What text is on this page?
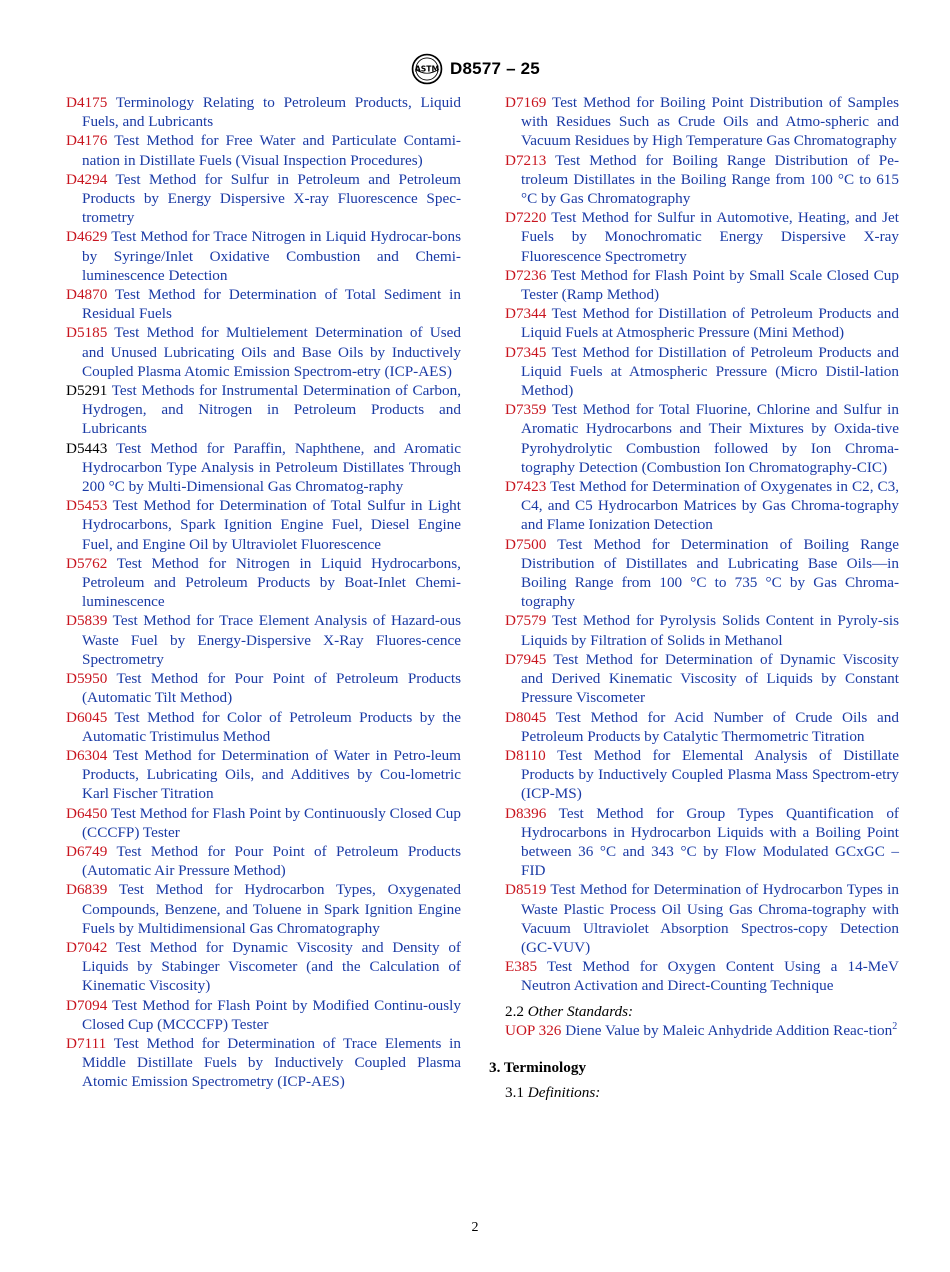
ASTM D8577 – 25

D4175 Terminology Relating to Petroleum Products, Liquid Fuels, and Lubricants

D4176 Test Method for Free Water and Particulate Contami-nation in Distillate Fuels (Visual Inspection Procedures)

D4294 Test Method for Sulfur in Petroleum and Petroleum Products by Energy Dispersive X-ray Fluorescence Spec-trometry

D4629 Test Method for Trace Nitrogen in Liquid Hydrocar-bons by Syringe/Inlet Oxidative Combustion and Chemi-luminescence Detection

D4870 Test Method for Determination of Total Sediment in Residual Fuels

D5185 Test Method for Multielement Determination of Used and Unused Lubricating Oils and Base Oils by Inductively Coupled Plasma Atomic Emission Spectrom-etry (ICP-AES)

D5291 Test Methods for Instrumental Determination of Carbon, Hydrogen, and Nitrogen in Petroleum Products and Lubricants

D5443 Test Method for Paraffin, Naphthene, and Aromatic Hydrocarbon Type Analysis in Petroleum Distillates Through 200 °C by Multi-Dimensional Gas Chromatog-raphy

D5453 Test Method for Determination of Total Sulfur in Light Hydrocarbons, Spark Ignition Engine Fuel, Diesel Engine Fuel, and Engine Oil by Ultraviolet Fluorescence

D5762 Test Method for Nitrogen in Liquid Hydrocarbons, Petroleum and Petroleum Products by Boat-Inlet Chemi-luminescence

D5839 Test Method for Trace Element Analysis of Hazard-ous Waste Fuel by Energy-Dispersive X-Ray Fluores-cence Spectrometry

D5950 Test Method for Pour Point of Petroleum Products (Automatic Tilt Method)

D6045 Test Method for Color of Petroleum Products by the Automatic Tristimulus Method

D6304 Test Method for Determination of Water in Petro-leum Products, Lubricating Oils, and Additives by Cou-lometric Karl Fischer Titration

D6450 Test Method for Flash Point by Continuously Closed Cup (CCCFP) Tester

D6749 Test Method for Pour Point of Petroleum Products (Automatic Air Pressure Method)

D6839 Test Method for Hydrocarbon Types, Oxygenated Compounds, Benzene, and Toluene in Spark Ignition Engine Fuels by Multidimensional Gas Chromatography

D7042 Test Method for Dynamic Viscosity and Density of Liquids by Stabinger Viscometer (and the Calculation of Kinematic Viscosity)

D7094 Test Method for Flash Point by Modified Continu-ously Closed Cup (MCCCFP) Tester

D7111 Test Method for Determination of Trace Elements in Middle Distillate Fuels by Inductively Coupled Plasma Atomic Emission Spectrometry (ICP-AES)

D7169 Test Method for Boiling Point Distribution of Samples with Residues Such as Crude Oils and Atmo-spheric and Vacuum Residues by High Temperature Gas Chromatography

D7213 Test Method for Boiling Range Distribution of Pe-troleum Distillates in the Boiling Range from 100 °C to 615 °C by Gas Chromatography

D7220 Test Method for Sulfur in Automotive, Heating, and Jet Fuels by Monochromatic Energy Dispersive X-ray Fluorescence Spectrometry

D7236 Test Method for Flash Point by Small Scale Closed Cup Tester (Ramp Method)

D7344 Test Method for Distillation of Petroleum Products and Liquid Fuels at Atmospheric Pressure (Mini Method)

D7345 Test Method for Distillation of Petroleum Products and Liquid Fuels at Atmospheric Pressure (Micro Distil-lation Method)

D7359 Test Method for Total Fluorine, Chlorine and Sulfur in Aromatic Hydrocarbons and Their Mixtures by Oxida-tive Pyrohydrolytic Combustion followed by Ion Chroma-tography Detection (Combustion Ion Chromatography-CIC)

D7423 Test Method for Determination of Oxygenates in C2, C3, C4, and C5 Hydrocarbon Matrices by Gas Chroma-tography and Flame Ionization Detection

D7500 Test Method for Determination of Boiling Range Distribution of Distillates and Lubricating Base Oils—in Boiling Range from 100 °C to 735 °C by Gas Chroma-tography

D7579 Test Method for Pyrolysis Solids Content in Pyroly-sis Liquids by Filtration of Solids in Methanol

D7945 Test Method for Determination of Dynamic Viscosity and Derived Kinematic Viscosity of Liquids by Constant Pressure Viscometer

D8045 Test Method for Acid Number of Crude Oils and Petroleum Products by Catalytic Thermometric Titration

D8110 Test Method for Elemental Analysis of Distillate Products by Inductively Coupled Plasma Mass Spectrom-etry (ICP-MS)

D8396 Test Method for Group Types Quantification of Hydrocarbons in Hydrocarbon Liquids with a Boiling Point between 36 °C and 343 °C by Flow Modulated GCxGC – FID

D8519 Test Method for Determination of Hydrocarbon Types in Waste Plastic Process Oil Using Gas Chroma-tography with Vacuum Ultraviolet Absorption Spectros-copy Detection (GC-VUV)

E385 Test Method for Oxygen Content Using a 14-MeV Neutron Activation and Direct-Counting Technique

2.2 Other Standards:

UOP 326 Diene Value by Maleic Anhydride Addition Reac-tion$^2$

3. Terminology
3.1 Definitions:
2
